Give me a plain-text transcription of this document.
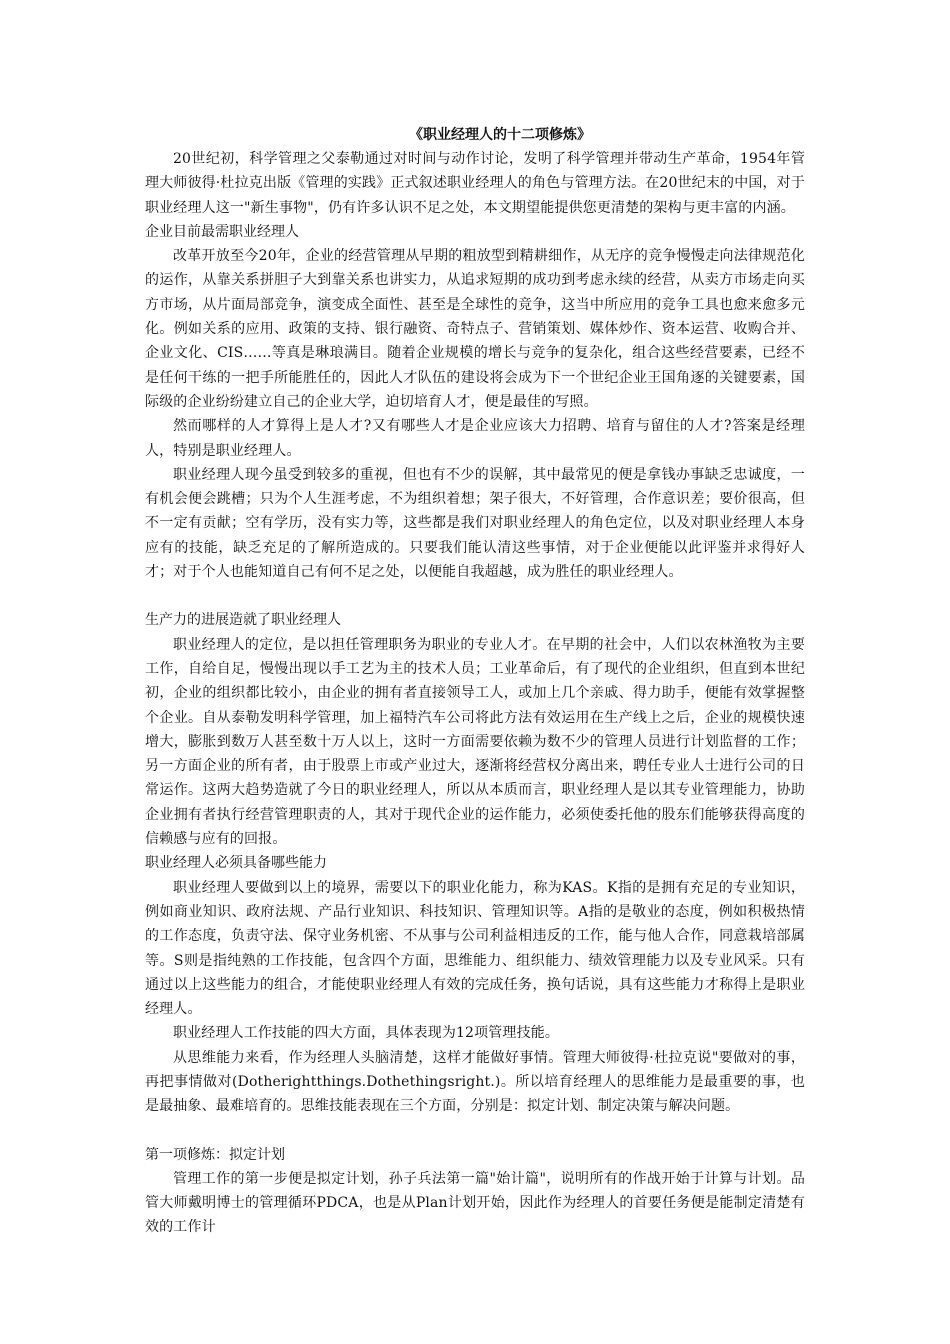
《职业经理人的十二项修炼》

20世纪初，科学管理之父泰勒通过对时间与动作讨论，发明了科学管理并带动生产革命，1954年管理大师彼得·杜拉克出版《管理的实践》正式叙述职业经理人的角色与管理方法。在20世纪末的中国，对于职业经理人这一"新生事物"，仍有许多认识不足之处，本文期望能提供您更清楚的架构与更丰富的内涵。

企业目前最需职业经理人

改革开放至今20年，企业的经营管理从早期的粗放型到精耕细作，从无序的竞争慢慢走向法律规范化的运作，从靠关系拼胆子大到靠关系也讲实力，从追求短期的成功到考虑永续的经营，从卖方市场走向买方市场，从片面局部竞争，演变成全面性、甚至是全球性的竞争，这当中所应用的竞争工具也愈来愈多元化。例如关系的应用、政策的支持、银行融资、奇特点子、营销策划、媒体炒作、资本运营、收购合并、企业文化、CIS……等真是琳琅满目。随着企业规模的增长与竞争的复杂化，组合这些经营要素，已经不是任何干练的一把手所能胜任的，因此人才队伍的建设将会成为下一个世纪企业王国角逐的关键要素，国际级的企业纷纷建立自己的企业大学，迫切培育人才，便是最佳的写照。

然而哪样的人才算得上是人才?又有哪些人才是企业应该大力招聘、培育与留住的人才?答案是经理人，特别是职业经理人。

职业经理人现今虽受到较多的重视，但也有不少的误解，其中最常见的便是拿钱办事缺乏忠诚度，一有机会便会跳槽；只为个人生涯考虑，不为组织着想；架子很大，不好管理，合作意识差；要价很高，但不一定有贡献；空有学历，没有实力等，这些都是我们对职业经理人的角色定位，以及对职业经理人本身应有的技能，缺乏充足的了解所造成的。只要我们能认清这些事情，对于企业便能以此评鉴并求得好人才；对于个人也能知道自己有何不足之处，以便能自我超越，成为胜任的职业经理人。

生产力的进展造就了职业经理人

职业经理人的定位，是以担任管理职务为职业的专业人才。在早期的社会中，人们以农林渔牧为主要工作，自给自足，慢慢出现以手工艺为主的技术人员；工业革命后，有了现代的企业组织，但直到本世纪初，企业的组织都比较小，由企业的拥有者直接领导工人，或加上几个亲戚、得力助手，便能有效掌握整个企业。自从泰勒发明科学管理，加上福特汽车公司将此方法有效运用在生产线上之后，企业的规模快速增大，膨胀到数万人甚至数十万人以上，这时一方面需要依赖为数不少的管理人员进行计划监督的工作；另一方面企业的所有者，由于股票上市或产业过大，逐渐将经营权分离出来，聘任专业人士进行公司的日常运作。这两大趋势造就了今日的职业经理人，所以从本质而言，职业经理人是以其专业管理能力，协助企业拥有者执行经营管理职责的人，其对于现代企业的运作能力，必须使委托他的股东们能够获得高度的信赖感与应有的回报。

职业经理人必须具备哪些能力

职业经理人要做到以上的境界，需要以下的职业化能力，称为KAS。K指的是拥有充足的专业知识，例如商业知识、政府法规、产品行业知识、科技知识、管理知识等。A指的是敬业的态度，例如积极热情的工作态度，负责守法、保守业务机密、不从事与公司利益相违反的工作，能与他人合作，同意栽培部属等。S则是指纯熟的工作技能，包含四个方面，思维能力、组织能力、绩效管理能力以及专业风采。只有通过以上这些能力的组合，才能使职业经理人有效的完成任务，换句话说，具有这些能力才称得上是职业经理人。

职业经理人工作技能的四大方面，具体表现为12项管理技能。

从思维能力来看，作为经理人头脑清楚，这样才能做好事情。管理大师彼得·杜拉克说"要做对的事，再把事情做对(Dotherightthings.Dothethingsright.)。所以培育经理人的思维能力是最重要的事，也是最抽象、最难培育的。思维技能表现在三个方面，分别是：拟定计划、制定决策与解决问题。

第一项修炼：拟定计划

管理工作的第一步便是拟定计划，孙子兵法第一篇"始计篇"，说明所有的作战开始于计算与计划。品管大师戴明博士的管理循环PDCA，也是从Plan计划开始，因此作为经理人的首要任务便是能制定清楚有效的工作计
